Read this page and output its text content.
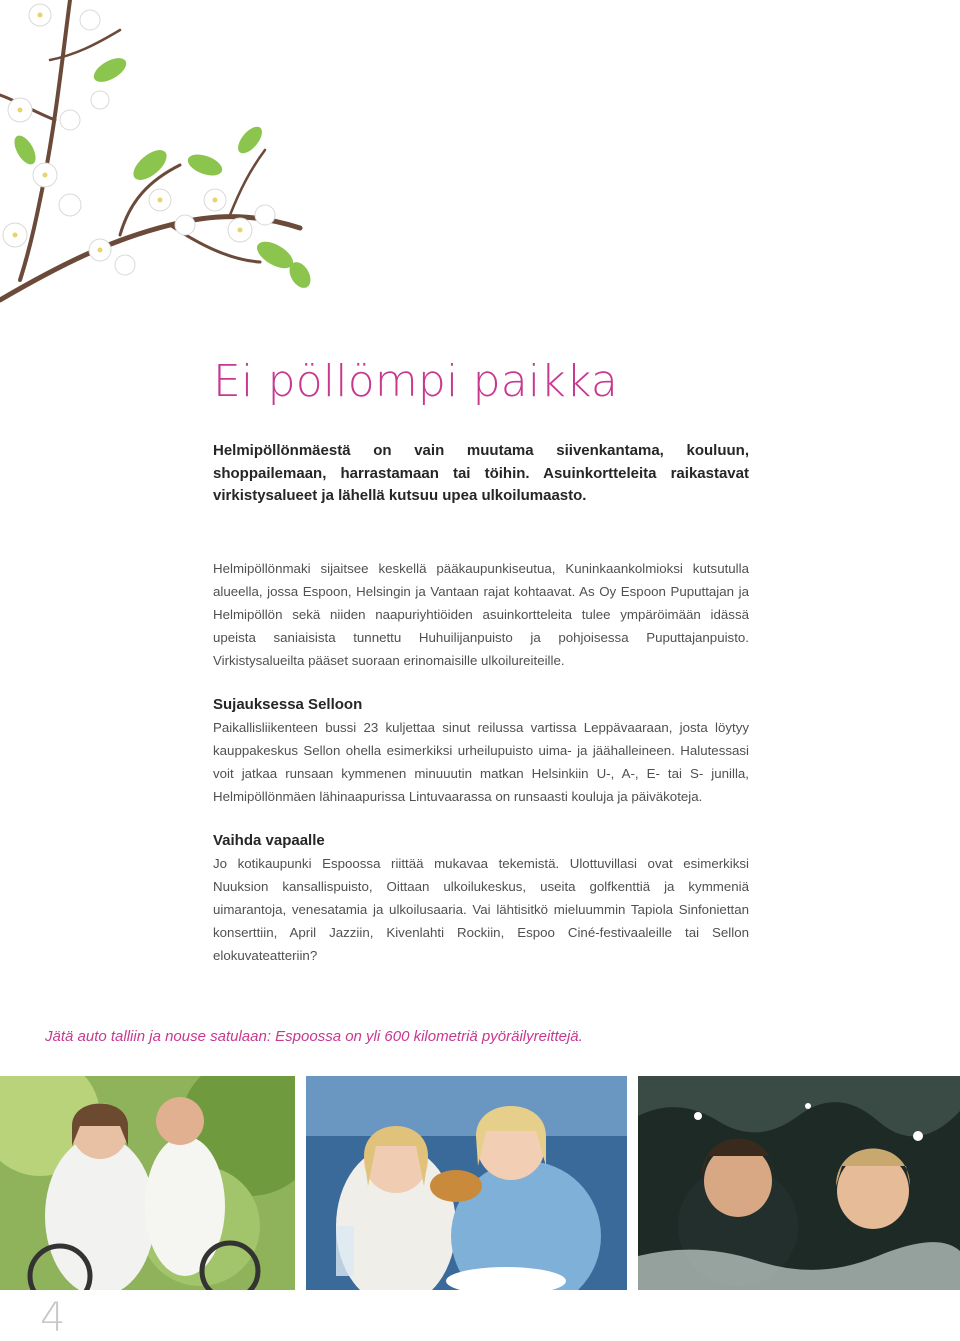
Ei pöllömpi paikka

Helmipöllönmäestä on vain muutama siivenkantama, kouluun, shoppailemaan, harrastamaan tai töihin. Asuinkortteleita raikastavat virkistysalueet ja lähellä kutsuu upea ulkoilumaasto.

Helmipöllönmaki sijaitsee keskellä pääkaupunkiseutua, Kuninkaankolmioksi kutsutulla alueella, jossa Espoon, Helsingin ja Vantaan rajat kohtaavat. As Oy Espoon Puputtajan ja Helmipöllön sekä niiden naapuriyhtiöiden asuinkortteleita tulee ympäröimään idässä upeista saniaisista tunnettu Huhuilijanpuisto ja pohjoisessa Puputtajanpuisto. Virkistysalueilta pääset suoraan erinomaisille ulkoilureiteille.

Sujauksessa Selloon

Paikallisliikenteen bussi 23 kuljettaa sinut reilussa vartissa Leppävaaraan, josta löytyy kauppakeskus Sellon ohella esimerkiksi urheilupuisto uima- ja jäähalleineen. Halutessasi voit jatkaa runsaan kymmenen minuuutin matkan Helsinkiin U-, A-, E- tai S- junilla, Helmipöllönmäen lähinaapurissa Lintuvaarassa on runsaasti kouluja ja päiväkoteja.

Vaihda vapaalle

Jo kotikaupunki Espoossa riittää mukavaa tekemistä. Ulottuvillasi ovat esimerkiksi Nuuksion kansallispuisto, Oittaan ulkoilukeskus, useita golfkenttiä ja kymmeniä uimarantoja, venesatamia ja ulkoilusaaria. Vai lähtisitkö mieluummin Tapiola Sinfoniettan konserttiin, April Jazziin, Kivenlahti Rockiin, Espoo Ciné-festivaaleille tai Sellon elokuvateatteriin?

Jätä auto talliin ja nouse satulaan: Espoossa on yli 600 kilometriä pyöräilyreittejä.

4
